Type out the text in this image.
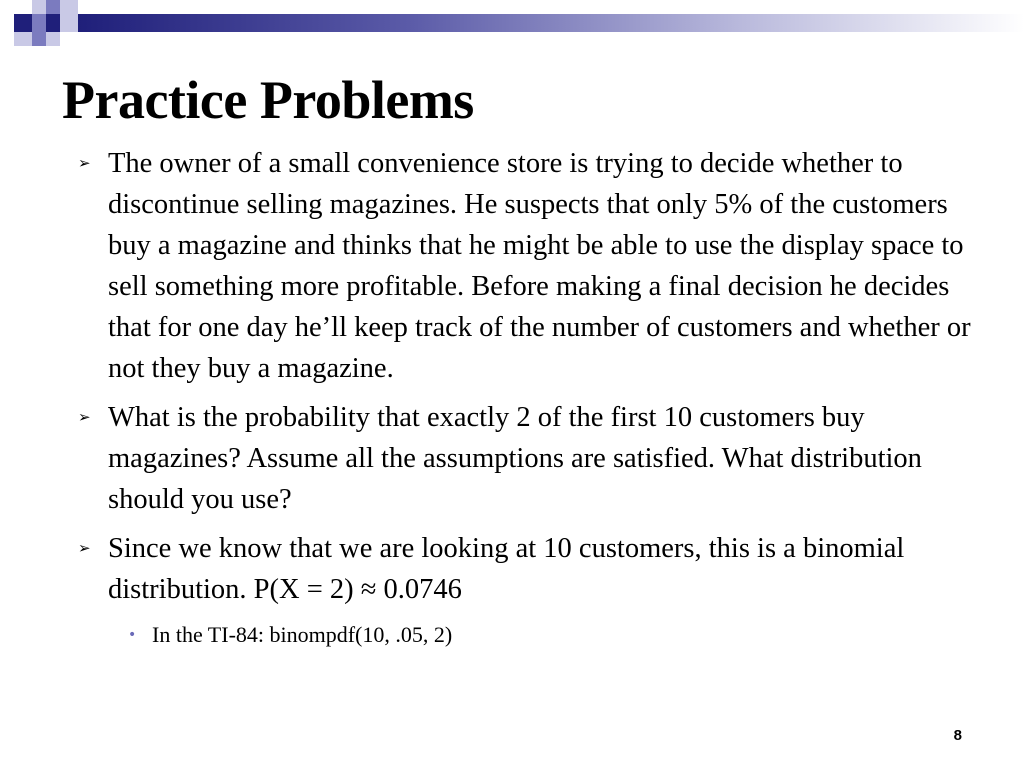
Practice Problems
➢ The owner of a small convenience store is trying to decide whether to discontinue selling magazines. He suspects that only 5% of the customers buy a magazine and thinks that he might be able to use the display space to sell something more profitable. Before making a final decision he decides that for one day he’ll keep track of the number of customers and whether or not they buy a magazine.
➢ What is the probability that exactly 2 of the first 10 customers buy magazines? Assume all the assumptions are satisfied. What distribution should you use?
➢ Since we know that we are looking at 10 customers, this is a binomial distribution. P(X = 2) ≈ 0.0746
• In the TI-84: binompdf(10, .05, 2)
8
